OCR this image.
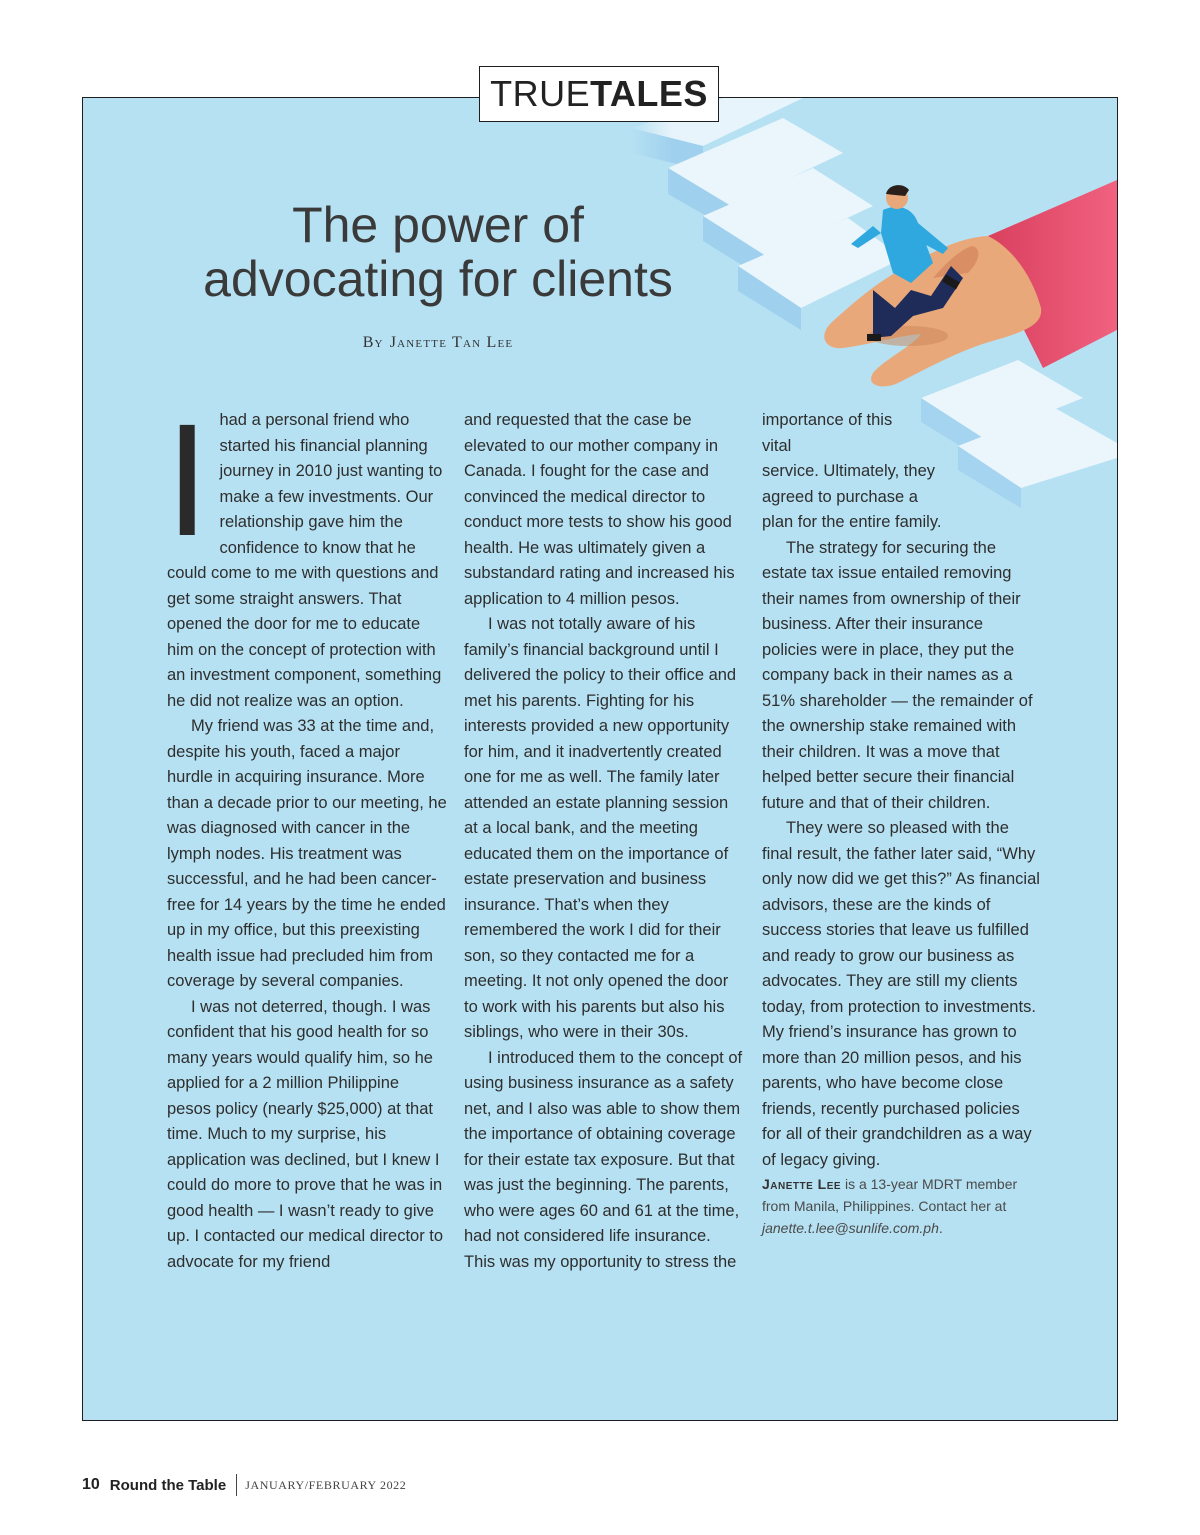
The power of
advocating for clients
By Janette Tan Lee

Ihad a personal friend who started his financial planning journey in 2010 just wanting to make a few investments. Our relationship gave him the confidence to know that he could come to me with questions and get some straight answers. That opened the door for me to educate him on the concept of protection with an investment component, something he did not realize was an option.

My friend was 33 at the time and, despite his youth, faced a major hurdle in acquiring insurance. More than a decade prior to our meeting, he was diagnosed with cancer in the lymph nodes. His treatment was successful, and he had been cancer-free for 14 years by the time he ended up in my office, but this preexisting health issue had precluded him from coverage by several companies.

I was not deterred, though. I was confident that his good health for so many years would qualify him, so he applied for a 2 million Philippine pesos policy (nearly $25,000) at that time. Much to my surprise, his application was declined, but I knew I could do more to prove that he was in good health — I wasn’t ready to give up. I contacted our medical director to advocate for my friend

and requested that the case be elevated to our mother company in Canada. I fought for the case and convinced the medical director to conduct more tests to show his good health. He was ultimately given a substandard rating and increased his application to 4 million pesos.

I was not totally aware of his family’s financial background until I delivered the policy to their office and met his parents. Fighting for his interests provided a new opportunity for him, and it inadvertently created one for me as well. The family later attended an estate planning session at a local bank, and the meeting educated them on the importance of estate preservation and business insurance. That’s when they remembered the work I did for their son, so they contacted me for a meeting. It not only opened the door to work with his parents but also his siblings, who were in their 30s.

I introduced them to the concept of using business insurance as a safety net, and I also was able to show them the importance of obtaining coverage for their estate tax exposure. But that was just the beginning. The parents, who were ages 60 and 61 at the time, had not considered life insurance. This was my opportunity to stress the

importance of this vital

service. Ultimately, they agreed to purchase a plan for the entire family.

The strategy for securing the estate tax issue entailed removing their names from ownership of their business. After their insurance policies were in place, they put the company back in their names as a 51% shareholder — the remainder of the ownership stake remained with their children. It was a move that helped better secure their financial future and that of their children.

They were so pleased with the final result, the father later said, “Why only now did we get this?” As financial advisors, these are the kinds of success stories that leave us fulfilled and ready to grow our business as advocates. They are still my clients today, from protection to investments. My friend’s insurance has grown to more than 20 million pesos, and his parents, who have become close friends, recently purchased policies for all of their grandchildren as a way of legacy giving.

Janette Lee is a 13-year MDRT member from Manila, Philippines. Contact her at janette.t.lee@sunlife.com.ph.

TRUE TALES
10 Round the Table JANUARY/FEBRUARY 2022
